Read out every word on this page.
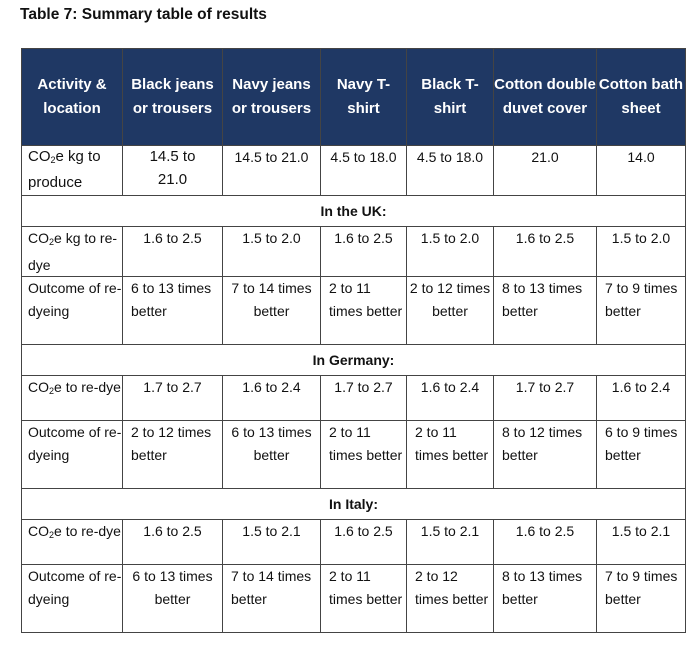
Table 7: Summary table of results
Activity & location	Black jeans or trousers	Navy jeans or trousers	Navy T-shirt	Black T-shirt	Cotton double duvet cover	Cotton bath sheet
$CO_2e$ kg to produce	14.5 to 21.0	14.5 to 21.0	4.5 to 18.0	4.5 to 18.0	21.0	14.0
In the UK:						
$CO_2e$ kg to re-dye	1.6 to 2.5	1.5 to 2.0	1.6 to 2.5	1.5 to 2.0	1.6 to 2.5	1.5 to 2.0
Outcome of re-dyeing	6 to 13 times better	7 to 14 times better	2 to 11 times better	2 to 12 times better	8 to 13 times better	7 to 9 times better
In Germany:						
$CO_2e$ to re-dye	1.7 to 2.7	1.6 to 2.4	1.7 to 2.7	1.6 to 2.4	1.7 to 2.7	1.6 to 2.4
Outcome of re-dyeing	2 to 12 times better	6 to 13 times better	2 to 11 times better	2 to 11 times better	8 to 12 times better	6 to 9 times better
In Italy:						
$CO_2e$ to re-dye	1.6 to 2.5	1.5 to 2.1	1.6 to 2.5	1.5 to 2.1	1.6 to 2.5	1.5 to 2.1
Outcome of re-dyeing	6 to 13 times better	7 to 14 times better	2 to 11 times better	2 to 12 times better	8 to 13 times better	7 to 9 times better
